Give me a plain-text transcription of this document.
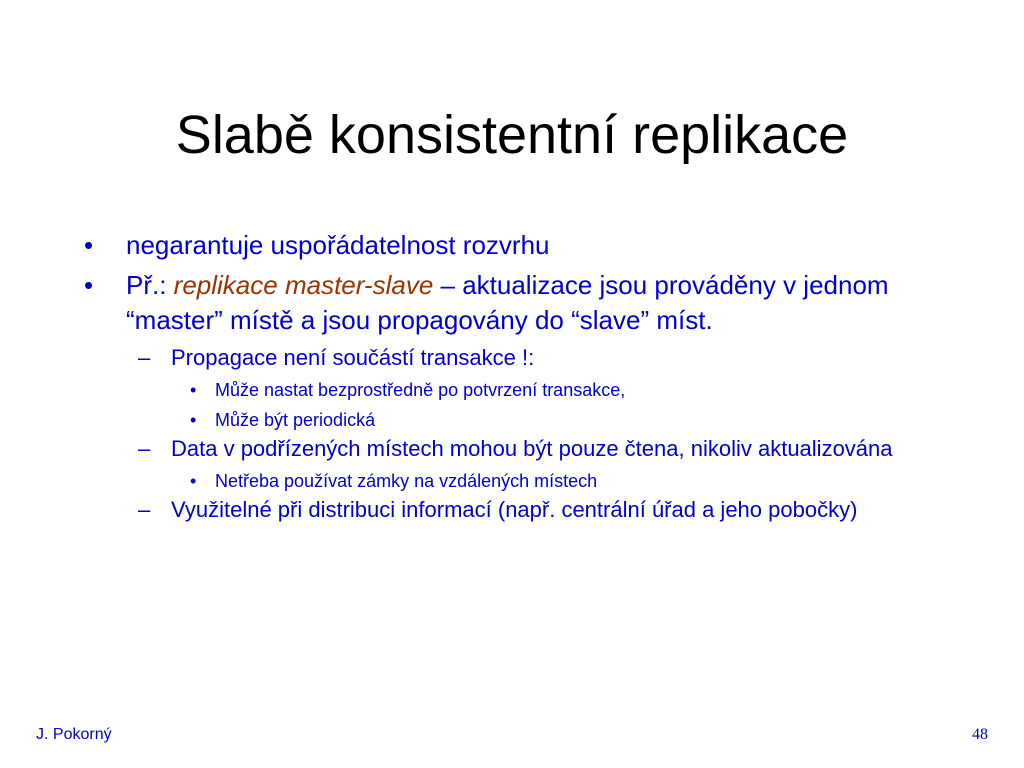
Slabě konsistentní replikace
• negarantuje uspořádatelnost rozvrhu
• Př.: replikace master-slave – aktualizace jsou prováděny v jednom “master” místě a jsou propagovány do “slave” míst.
– Propagace není součástí transakce !:
• Může nastat bezprostředně po potvrzení transakce,
• Může být periodická
– Data v podřízených místech mohou být pouze čtena, nikoliv aktualizována
• Netřeba používat zámky na vzdálených místech
– Využitelné při distribuci informací (např. centrální úřad a jeho pobočky)
J. Pokorný	48
